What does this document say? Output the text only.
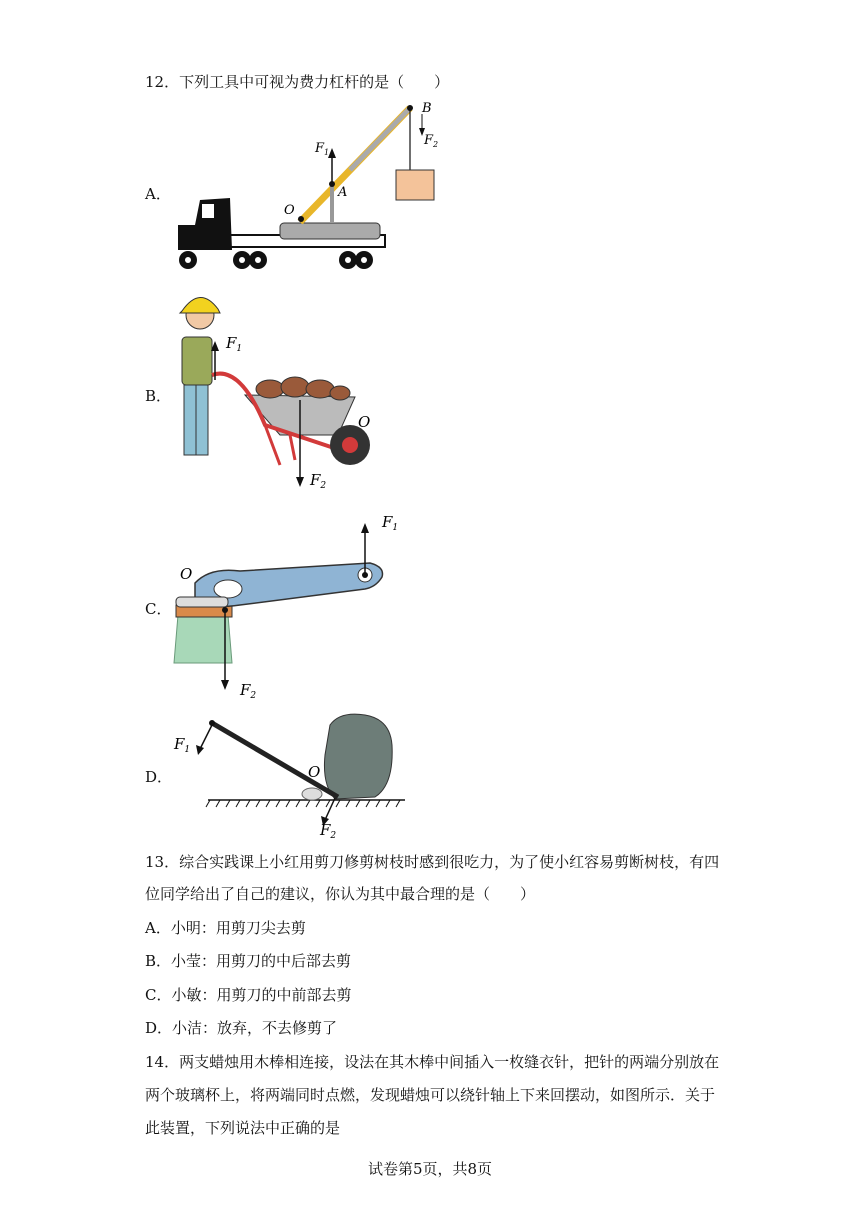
12．下列工具中可视为费力杠杆的是（　　）
A．
$F_1$
$F_2$
B
A
O
B．
$F_1$
$F_2$
O
C．
$F_1$
$F_2$
O
D．
$F_1$
$F_2$
O
13．综合实践课上小红用剪刀修剪树枝时感到很吃力，为了使小红容易剪断树枝，有四
位同学给出了自己的建议，你认为其中最合理的是（　　）
A．小明：用剪刀尖去剪
B．小莹：用剪刀的中后部去剪
C．小敏：用剪刀的中前部去剪
D．小洁：放弃，不去修剪了
14．两支蜡烛用木棒相连接，设法在其木棒中间插入一枚缝衣针，把针的两端分别放在
两个玻璃杯上，将两端同时点燃，发现蜡烛可以绕针轴上下来回摆动，如图所示．关于
此装置，下列说法中正确的是
试卷第5页，共8页
